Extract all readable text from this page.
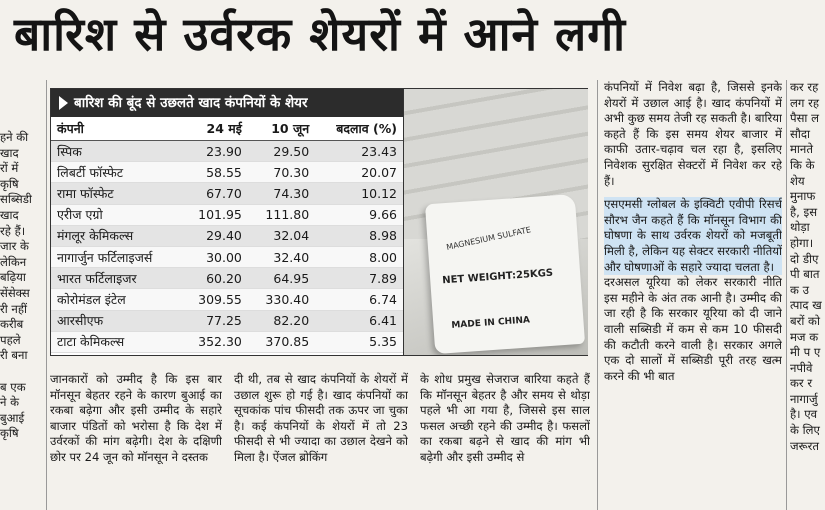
बारिश से उर्वरक शेयरों में आने लगी
हने की
खाद
रों में
कृषि
सब्सिडी
खाद
रहे हैं।
जार के
लेकिन
बढ़िया
सेंसेक्स
री नहीं
करीब
पहले
री बना

ब एक
ने के
बुआई
कृषि
बारिश की बूंद से उछलते खाद कंपनियों के शेयर
कंपनी	24 मई	10 जून	बदलाव (%)
स्पिक	23.90	29.50	23.43
लिबर्टी फॉस्फेट	58.55	70.30	20.07
रामा फॉस्फेट	67.70	74.30	10.12
एरीज एग्रो	101.95	111.80	9.66
मंगलूर केमिकल्स	29.40	32.04	8.98
नागार्जुन फर्टिलाइजर्स	30.00	32.40	8.00
भारत फर्टिलाइजर	60.20	64.95	7.89
कोरोमंडल इंटेल	309.55	330.40	6.74
आरसीएफ	77.25	82.20	6.41
टाटा केमिकल्स	352.30	370.85	5.35
MAGNESIUM SULFATE
NET WEIGHT:25KGS
MADE IN CHINA

जानकारों को उम्मीद है कि इस बार मॉनसून बेहतर रहने के कारण बुआई का रकबा बढ़ेगा और इसी उम्मीद के सहारे बाजार पंडितों को भरोसा है कि देश में उर्वरकों की मांग बढ़ेगी। देश के दक्षिणी छोर पर 24 जून को मॉनसून ने दस्तक

दी थी, तब से खाद कंपनियों के शेयरों में उछाल शुरू हो गई है। खाद कंपनियों का सूचकांक पांच फीसदी तक ऊपर जा चुका है। कई कंपनियों के शेयरों में तो 23 फीसदी से भी ज्यादा का उछाल देखने को मिला है। ऐंजल ब्रोकिंग

के शोध प्रमुख सेजराज बारिया कहते हैं कि मॉनसून बेहतर है और समय से थोड़ा पहले भी आ गया है, जिससे इस साल फसल अच्छी रहने की उम्मीद है। फसलों का रकबा बढ़ने से खाद की मांग भी बढ़ेगी और इसी उम्मीद से

कंपनियों में निवेश बढ़ा है, जिससे इनके शेयरों में उछाल आई है। खाद कंपनियों में अभी कुछ समय तेजी रह सकती है। बारिया कहते हैं कि इस समय शेयर बाजार में काफी उतार-चढ़ाव चल रहा है, इसलिए निवेशक सुरक्षित सेक्टरों में निवेश कर रहे हैं।

एसएमसी ग्लोबल के इक्विटी एवीपी रिसर्च सौरभ जैन कहते हैं कि मॉनसून विभाग की घोषणा के साथ उर्वरक शेयरों को मजबूती मिली है, लेकिन यह सेक्टर सरकारी नीतियों और घोषणाओं के सहारे ज्यादा चलता है।

दरअसल यूरिया को लेकर सरकारी नीति इस महीने के अंत तक आनी है। उम्मीद की जा रही है कि सरकार यूरिया को दी जाने वाली सब्सिडी में कम से कम 10 फीसदी की कटौती करने वाली है। सरकार अगले एक दो सालों में सब्सिडी पूरी तरह खत्म करने की भी बात

कर रह लग रह पैसा ल सौदा मानते कि के शेय मुनाफ है, इस थोड़ा होगा। दो डीएपी बात क उत्पाद खबरों को मज कमी प एनपीवे कर र नागार्जु है। एव के लिए जरूरत
